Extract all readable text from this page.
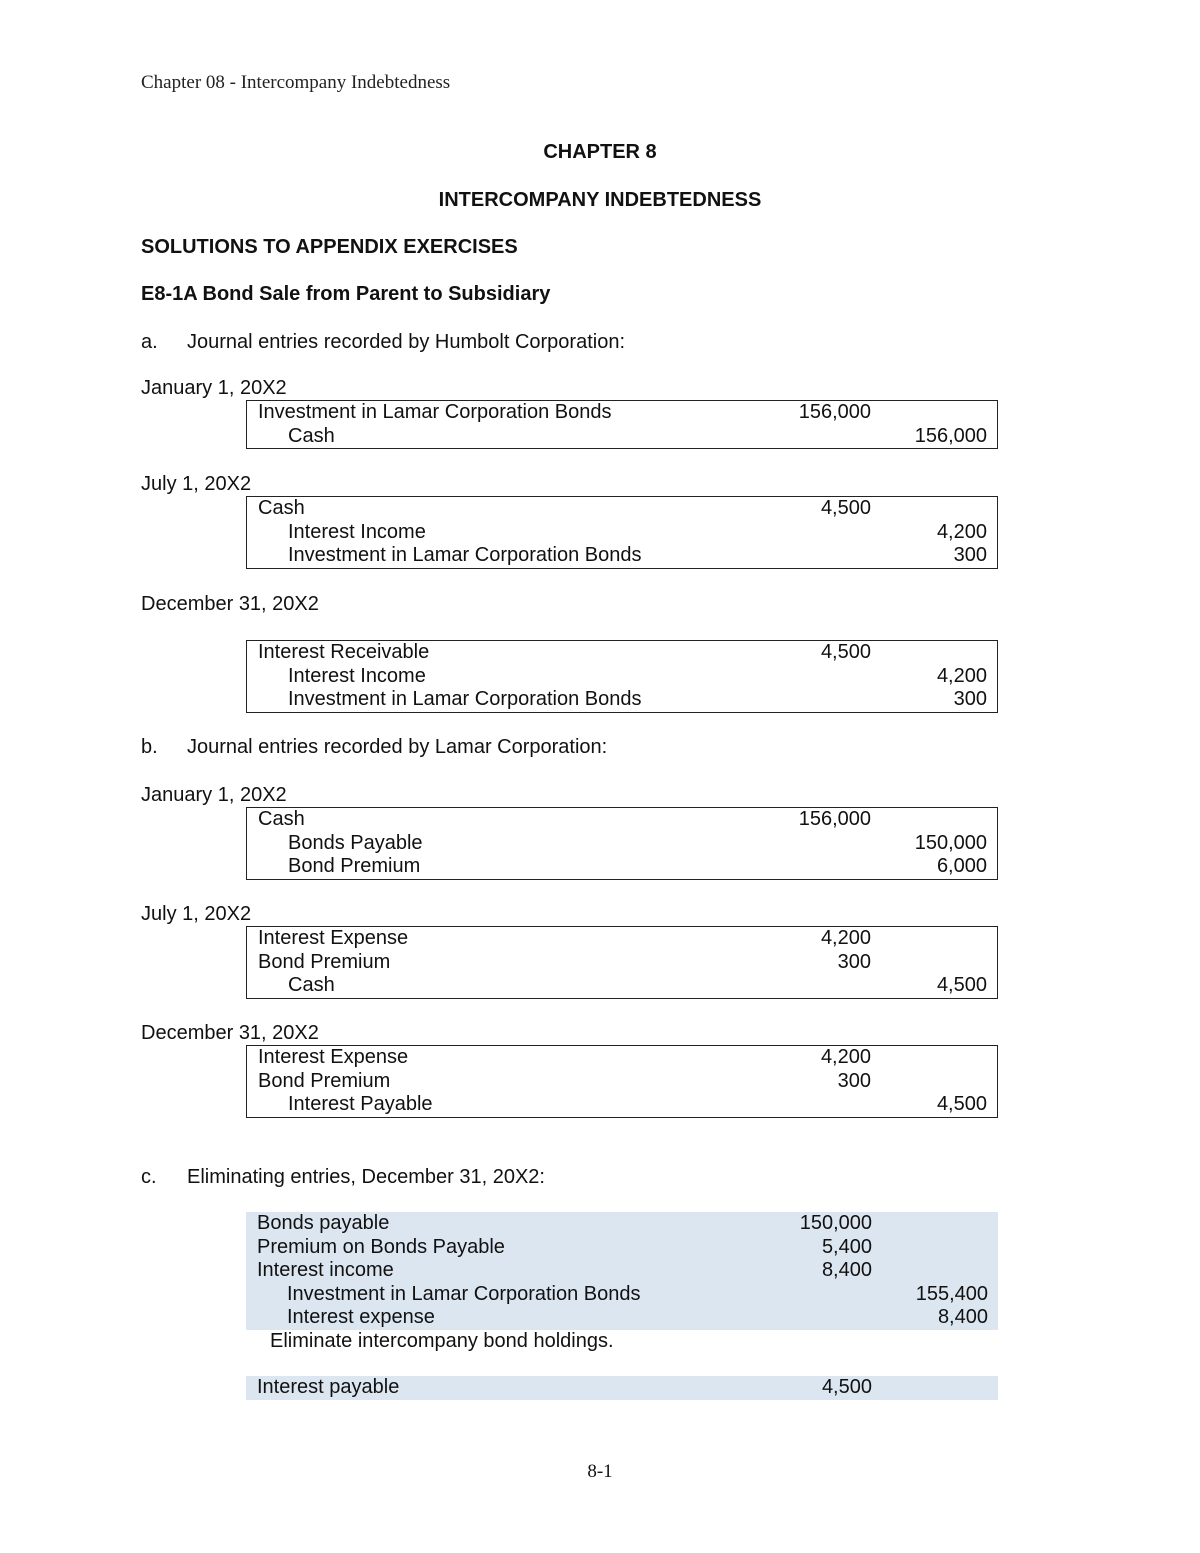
Chapter 08 - Intercompany Indebtedness
CHAPTER 8
INTERCOMPANY INDEBTEDNESS
SOLUTIONS TO APPENDIX EXERCISES
E8-1A Bond Sale from Parent to Subsidiary
a. Journal entries recorded by Humbolt Corporation:
January 1, 20X2
Investment in Lamar Corporation Bonds	156,000
Cash	156,000
July 1, 20X2
Cash	4,500
Interest Income	4,200
Investment in Lamar Corporation Bonds	300
December 31, 20X2
Interest Receivable	4,500
Interest Income	4,200
Investment in Lamar Corporation Bonds	300
b. Journal entries recorded by Lamar Corporation:
January 1, 20X2
Cash	156,000
Bonds Payable	150,000
Bond Premium	6,000
July 1, 20X2
Interest Expense	4,200
Bond Premium	300
Cash	4,500
December 31, 20X2
Interest Expense	4,200
Bond Premium	300
Interest Payable	4,500
c. Eliminating entries, December 31, 20X2:
Bonds payable	150,000
Premium on Bonds Payable	5,400
Interest income	8,400
Investment in Lamar Corporation Bonds	155,400
Interest expense	8,400
Eliminate intercompany bond holdings.
Interest payable	4,500
8-1
